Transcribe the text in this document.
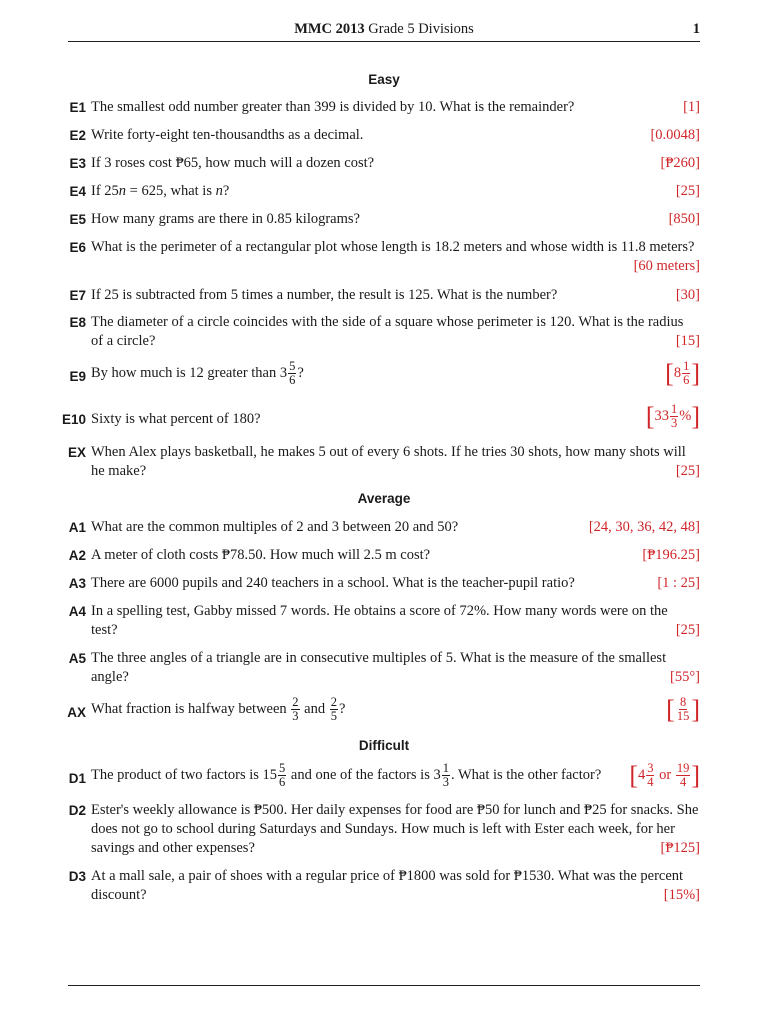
MMC 2013 Grade 5 Divisions	1
Easy
E1 The smallest odd number greater than 399 is divided by 10. What is the remainder?	[1]
E2 Write forty-eight ten-thousandths as a decimal.	[0.0048]
E3 If 3 roses cost ₱65, how much will a dozen cost?	[₱260]
E4 If 25n = 625, what is n?	[25]
E5 How many grams are there in 0.85 kilograms?	[850]
E6 What is the perimeter of a rectangular plot whose length is 18.2 meters and whose width is 11.8 meters?
[60 meters]
E7 If 25 is subtracted from 5 times a number, the result is 125. What is the number?	[30]
E8 The diameter of a circle coincides with the side of a square whose perimeter is 120. What is the radius
of a circle?	[15]
E9 By how much is 12 greater than $3 \frac{5}{6}$ ?	[ $8 \frac{1}{6}$ ]
E10 Sixty is what percent of 180?	[ $33 \frac{1}{3}$ % ]
EX When Alex plays basketball, he makes 5 out of every 6 shots. If he tries 30 shots, how many shots will
he make?	[25]
Average
A1 What are the common multiples of 2 and 3 between 20 and 50?	[24, 30, 36, 42, 48]
A2 A meter of cloth costs ₱78.50. How much will 2.5 m cost?	[₱196.25]
A3 There are 6000 pupils and 240 teachers in a school. What is the teacher-pupil ratio?	[1 : 25]
A4 In a spelling test, Gabby missed 7 words. He obtains a score of 72%. How many words were on the
test?	[25]
A5 The three angles of a triangle are in consecutive multiples of 5. What is the measure of the smallest
angle?	[55°]
AX What fraction is halfway between $\frac{2}{3}$ and $\frac{2}{5}$ ?	[ $\frac{8}{15}$ ]
Difficult
D1 The product of two factors is $15 \frac{5}{6}$ and one of the factors is $3 \frac{1}{3}$ . What is the other factor?	[ $4 \frac{3}{4}$ or $\frac{19}{4}$ ]
D2 Ester's weekly allowance is ₱500. Her daily expenses for food are ₱50 for lunch and ₱25 for snacks. She
does not go to school during Saturdays and Sundays. How much is left with Ester each week, for her
savings and other expenses?	[₱125]
D3 At a mall sale, a pair of shoes with a regular price of ₱1800 was sold for ₱1530. What was the percent
discount?	[15%]
